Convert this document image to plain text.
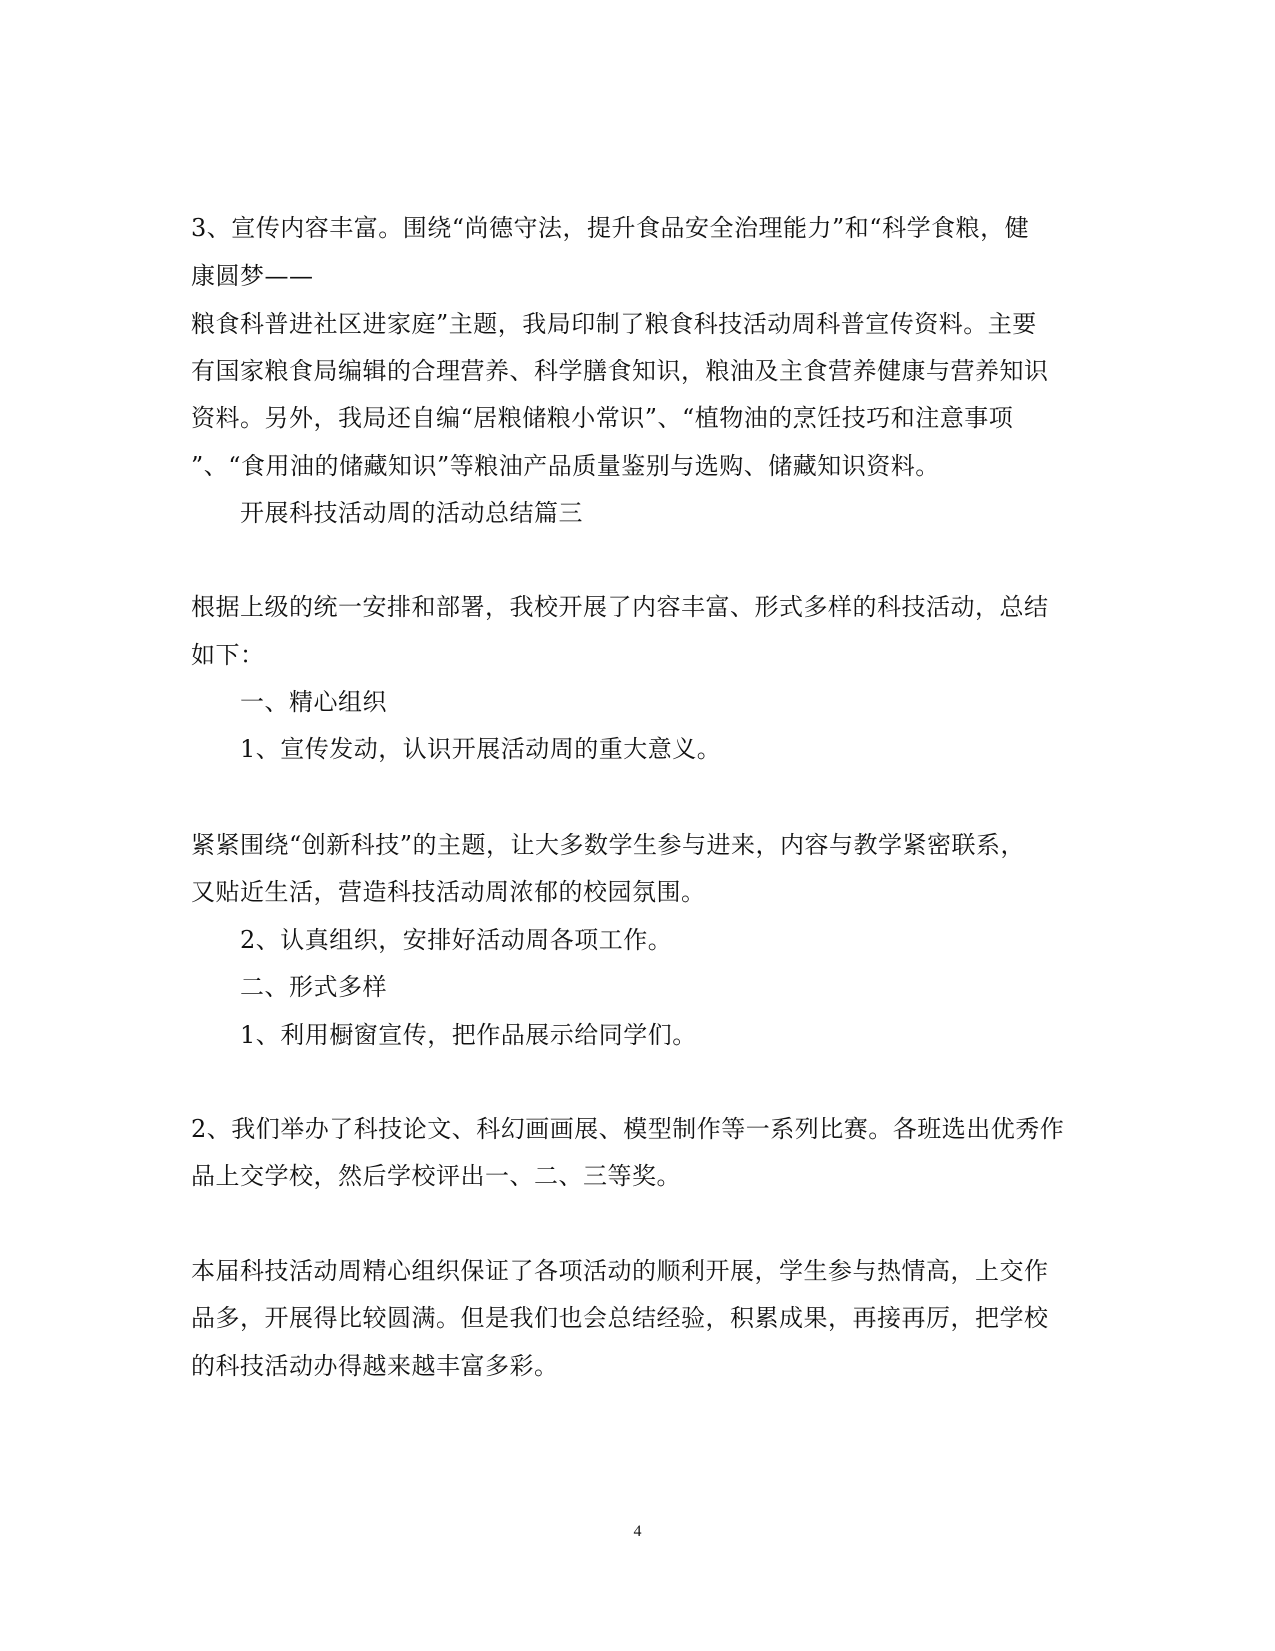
3、宣传内容丰富。围绕“尚德守法，提升食品安全治理能力”和“科学食粮，健
康圆梦——
粮食科普进社区进家庭”主题，我局印制了粮食科技活动周科普宣传资料。主要
有国家粮食局编辑的合理营养、科学膳食知识，粮油及主食营养健康与营养知识
资料。另外，我局还自编“居粮储粮小常识”、“植物油的烹饪技巧和注意事项
”、“食用油的储藏知识”等粮油产品质量鉴别与选购、储藏知识资料。
开展科技活动周的活动总结篇三
根据上级的统一安排和部署，我校开展了内容丰富、形式多样的科技活动，总结
如下：
一、精心组织
1、宣传发动，认识开展活动周的重大意义。
紧紧围绕“创新科技”的主题，让大多数学生参与进来，内容与教学紧密联系，
又贴近生活，营造科技活动周浓郁的校园氛围。
2、认真组织，安排好活动周各项工作。
二、形式多样
1、利用橱窗宣传，把作品展示给同学们。
2、我们举办了科技论文、科幻画画展、模型制作等一系列比赛。各班选出优秀作
品上交学校，然后学校评出一、二、三等奖。
本届科技活动周精心组织保证了各项活动的顺利开展，学生参与热情高，上交作
品多，开展得比较圆满。但是我们也会总结经验，积累成果，再接再厉，把学校
的科技活动办得越来越丰富多彩。
4
